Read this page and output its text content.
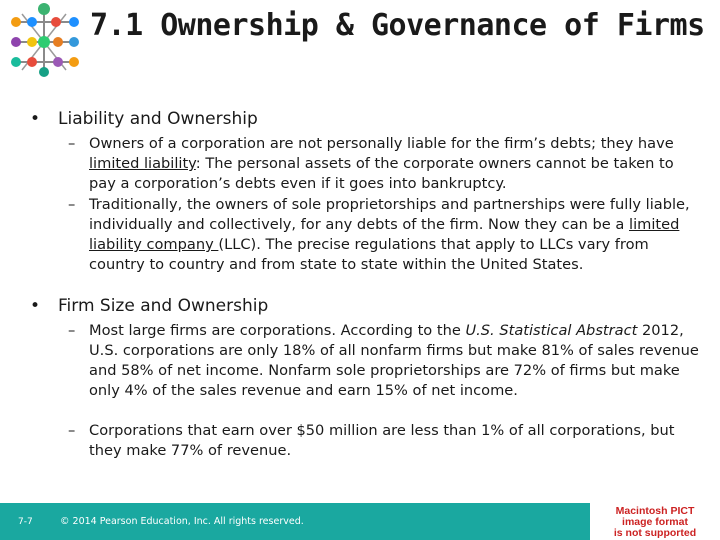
7.1 Ownership & Governance of Firms
• Liability and Ownership
– Owners of a corporation are not personally liable for the firm’s debts; they have limited liability: The personal assets of the corporate owners cannot be taken to pay a corporation’s debts even if it goes into bankruptcy.
– Traditionally, the owners of sole proprietorships and partnerships were fully liable, individually and collectively, for any debts of the firm. Now they can be a limited liability company (LLC). The precise regulations that apply to LLCs vary from country to country and from state to state within the United States.
• Firm Size and Ownership
– Most large firms are corporations. According to the U.S. Statistical Abstract 2012, U.S. corporations are only 18% of all nonfarm firms but make 81% of sales revenue and 58% of net income. Nonfarm sole proprietorships are 72% of firms but make only 4% of the sales revenue and earn 15% of net income.
– Corporations that earn over $50 million are less than 1% of all corporations, but they make 77% of revenue.
7-7	© 2014 Pearson Education, Inc. All rights reserved.
Macintosh PICT
image format
is not supported
